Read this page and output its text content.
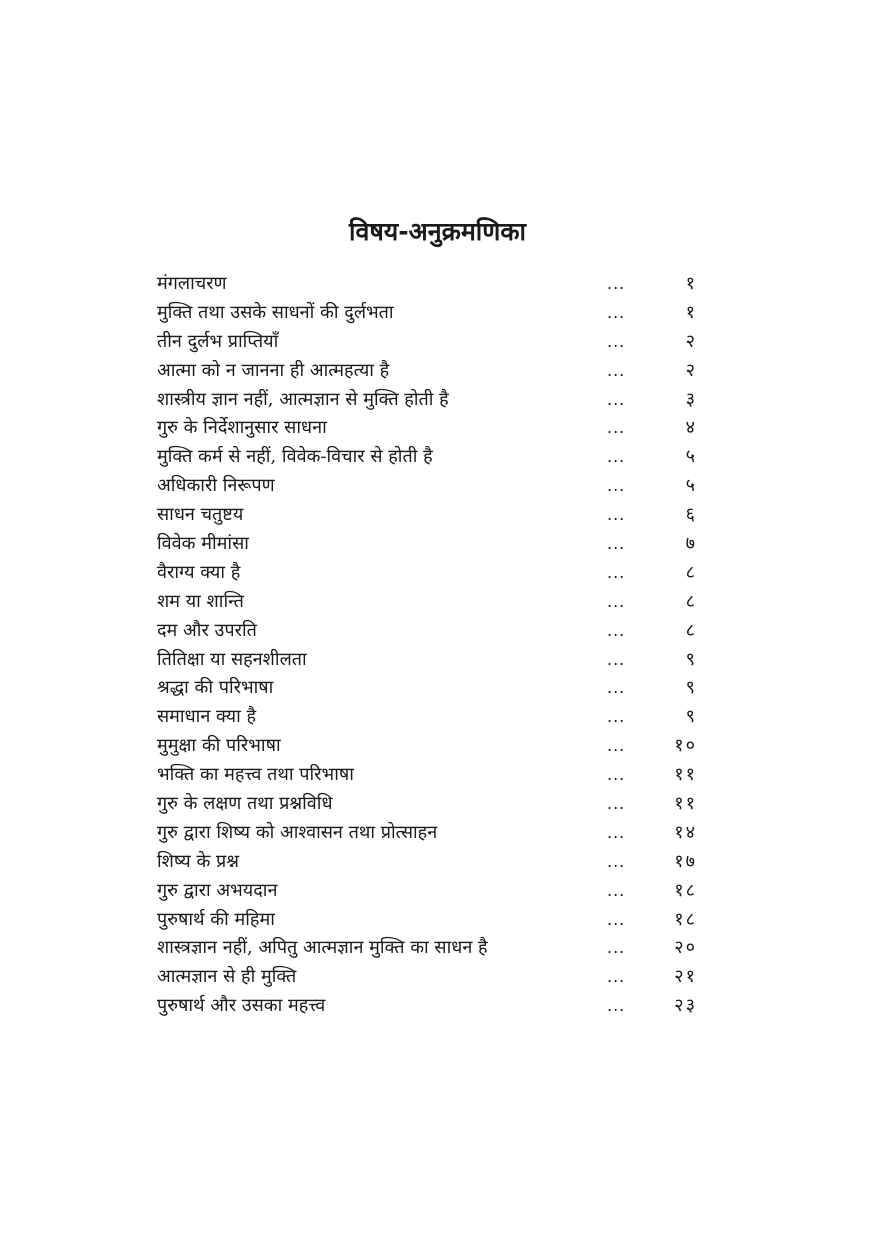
विषय-अनुक्रमणिका
मंगलाचरण	...	१
मुक्ति तथा उसके साधनों की दुर्लभता	...	१
तीन दुर्लभ प्राप्तियाँ	...	२
आत्मा को न जानना ही आत्महत्या है	...	२
शास्त्रीय ज्ञान नहीं, आत्मज्ञान से मुक्ति होती है	...	३
गुरु के निर्देशानुसार साधना	...	४
मुक्ति कर्म से नहीं, विवेक-विचार से होती है	...	५
अधिकारी निरूपण	...	५
साधन चतुष्टय	...	६
विवेक मीमांसा	...	७
वैराग्य क्या है	...	८
शम या शान्ति	...	८
दम और उपरति	...	८
तितिक्षा या सहनशीलता	...	९
श्रद्धा की परिभाषा	...	९
समाधान क्या है	...	९
मुमुक्षा की परिभाषा	...	१०
भक्ति का महत्त्व तथा परिभाषा	...	११
गुरु के लक्षण तथा प्रश्नविधि	...	११
गुरु द्वारा शिष्य को आश्वासन तथा प्रोत्साहन	...	१४
शिष्य के प्रश्न	...	१७
गुरु द्वारा अभयदान	...	१८
पुरुषार्थ की महिमा	...	१८
शास्त्रज्ञान नहीं, अपितु आत्मज्ञान मुक्ति का साधन है	...	२०
आत्मज्ञान से ही मुक्ति	...	२१
पुरुषार्थ और उसका महत्त्व	...	२३
